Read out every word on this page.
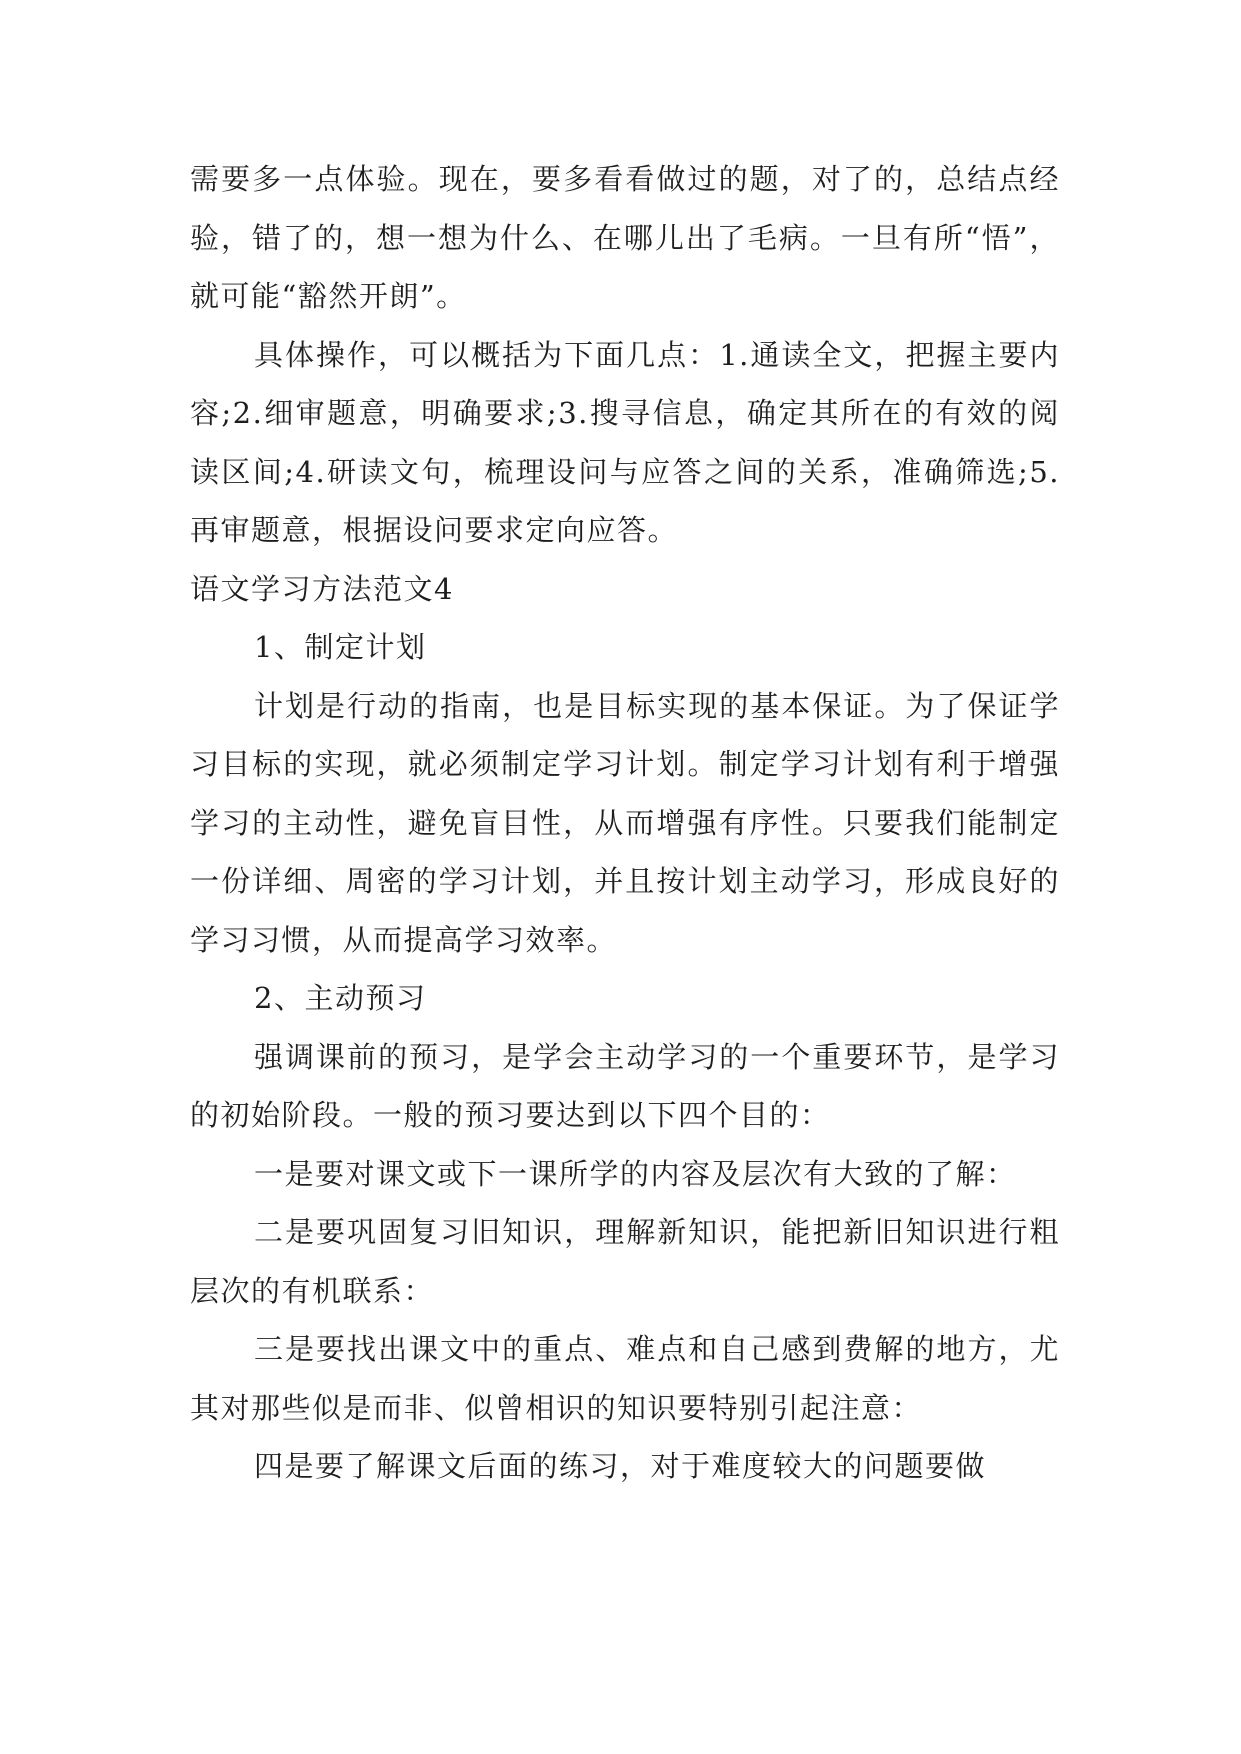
需要多一点体验。现在，要多看看做过的题，对了的，总结点经验，错了的，想一想为什么、在哪儿出了毛病。一旦有所“悟”，就可能“豁然开朗”。

具体操作，可以概括为下面几点：1.通读全文，把握主要内容;2.细审题意，明确要求;3.搜寻信息，确定其所在的有效的阅读区间;4.研读文句，梳理设问与应答之间的关系，准确筛选;5.再审题意，根据设问要求定向应答。

语文学习方法范文4

1、制定计划

计划是行动的指南，也是目标实现的基本保证。为了保证学习目标的实现，就必须制定学习计划。制定学习计划有利于增强学习的主动性，避免盲目性，从而增强有序性。只要我们能制定一份详细、周密的学习计划，并且按计划主动学习，形成良好的学习习惯，从而提高学习效率。

2、主动预习

强调课前的预习，是学会主动学习的一个重要环节，是学习的初始阶段。一般的预习要达到以下四个目的：

一是要对课文或下一课所学的内容及层次有大致的了解：

二是要巩固复习旧知识，理解新知识，能把新旧知识进行粗层次的有机联系：

三是要找出课文中的重点、难点和自己感到费解的地方，尤其对那些似是而非、似曾相识的知识要特别引起注意：

四是要了解课文后面的练习，对于难度较大的问题要做
